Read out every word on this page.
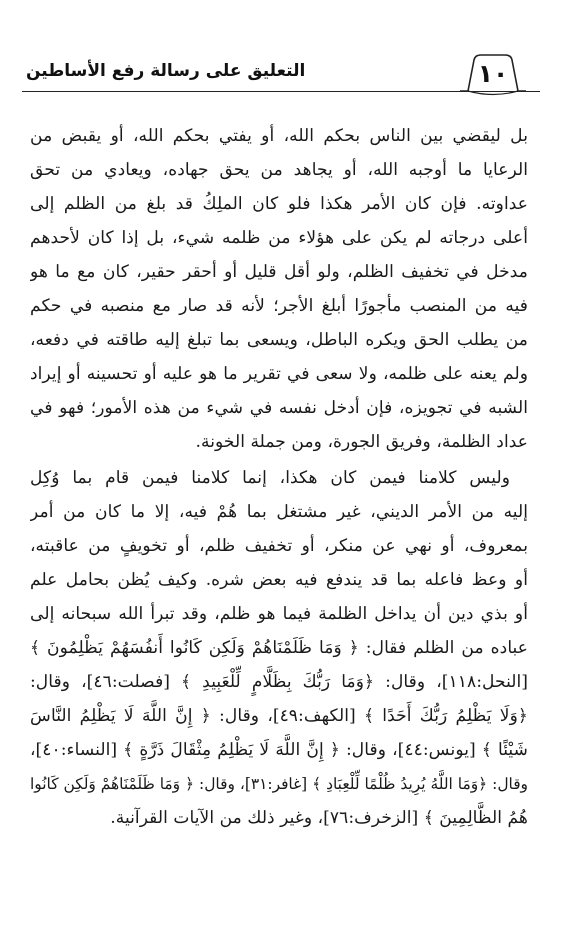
١٠
التعليق على رسالة رفع الأساطين
بل ليقضي بين الناس بحكم الله، أو يفتي بحكم الله، أو يقبض من
الرعايا ما أوجبه الله، أو يجاهد من يحق جهاده، ويعادي من تحق
عداوته. فإن كان الأمر هكذا فلو كان الملِكُ قد بلغ من الظلم إلى
أعلى درجاته لم يكن على هؤلاء من ظلمه شيء، بل إذا كان لأحدهم
مدخل في تخفيف الظلم، ولو أقل قليل أو أحقر حقير، كان مع ما هو
فيه من المنصب مأجورًا أبلغ الأجر؛ لأنه قد صار مع منصبه في حكم
من يطلب الحق ويكره الباطل، ويسعى بما تبلغ إليه طاقته في دفعه،
ولم يعنه على ظلمه، ولا سعى في تقرير ما هو عليه أو تحسينه أو إيراد
الشبه في تجويزه، فإن أدخل نفسه في شيء من هذه الأمور؛ فهو في
عداد الظلمة، وفريق الجورة، ومن جملة الخونة.
وليس كلامنا فيمن كان هكذا، إنما كلامنا فيمن قام بما وُكِل
إليه من الأمر الديني، غير مشتغل بما هُمْ فيه، إلا ما كان من أمر
بمعروف، أو نهي عن منكر، أو تخفيف ظلم، أو تخويفٍ من عاقبته،
أو وعظ فاعله بما قد يندفع فيه بعض شره. وكيف يُظن بحامل علم
أو بذي دين أن يداخل الظلمة فيما هو ظلم، وقد تبرأ الله سبحانه إلى
عباده من الظلم فقال: ﴿ وَمَا ظَلَمْنَاهُمْ وَلَكِن كَانُوا أَنفُسَهُمْ يَظْلِمُونَ ﴾
[النحل:١١٨]، وقال: ﴿وَمَا رَبُّكَ بِظَلَّامٍ لِّلْعَبِيدِ ﴾ [فصلت:٤٦]، وقال:
﴿وَلَا يَظْلِمُ رَبُّكَ أَحَدًا ﴾ [الكهف:٤٩]، وقال: ﴿ إِنَّ اللَّهَ لَا يَظْلِمُ النَّاسَ
شَيْئًا ﴾ [يونس:٤٤]، وقال: ﴿ إِنَّ اللَّهَ لَا يَظْلِمُ مِثْقَالَ ذَرَّةٍ ﴾ [النساء:٤٠]،
وقال: ﴿وَمَا اللَّهُ يُرِيدُ ظُلْمًا لِّلْعِبَادِ ﴾ [غافر:٣١]، وقال: ﴿ وَمَا ظَلَمْنَاهُمْ وَلَكِن كَانُوا
هُمُ الظَّالِمِينَ ﴾ [الزخرف:٧٦]، وغير ذلك من الآيات القرآنية.
